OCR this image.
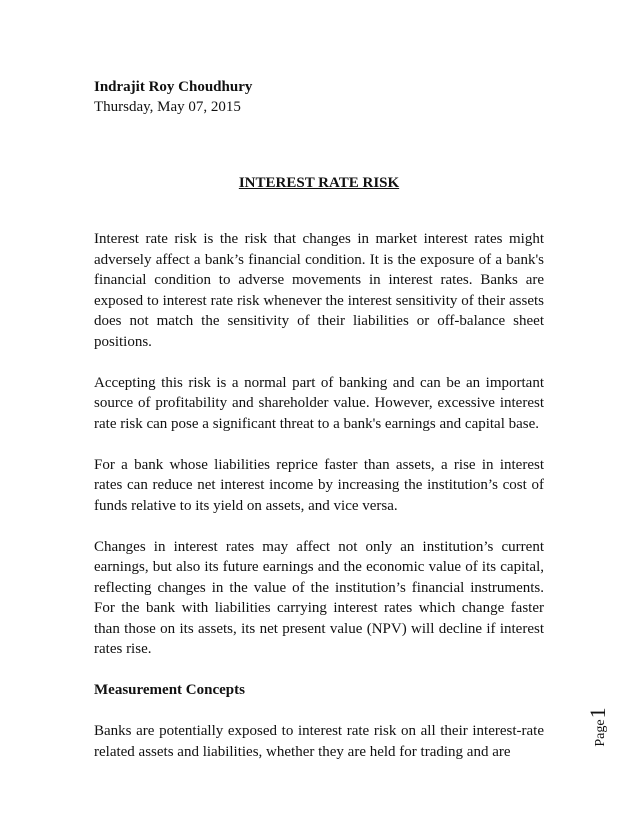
Indrajit Roy Choudhury
Thursday, May 07, 2015
INTEREST RATE RISK

Interest rate risk is the risk that changes in market interest rates might adversely affect a bank’s financial condition. It is the exposure of a bank's financial condition to adverse movements in interest rates. Banks are exposed to interest rate risk whenever the interest sensitivity of their assets does not match the sensitivity of their liabilities or off-balance sheet positions.

Accepting this risk is a normal part of banking and can be an important source of profitability and shareholder value. However, excessive interest rate risk can pose a significant threat to a bank's earnings and capital base.

For a bank whose liabilities reprice faster than assets, a rise in interest rates can reduce net interest income by increasing the institution’s cost of funds relative to its yield on assets, and vice versa.

Changes in interest rates may affect not only an institution’s current earnings, but also its future earnings and the economic value of its capital, reflecting changes in the value of the institution’s financial instruments. For the bank with liabilities carrying interest rates which change faster than those on its assets, its net present value (NPV) will decline if interest rates rise.

Measurement Concepts

Banks are potentially exposed to interest rate risk on all their interest-rate related assets and liabilities, whether they are held for trading and are

Page
1
